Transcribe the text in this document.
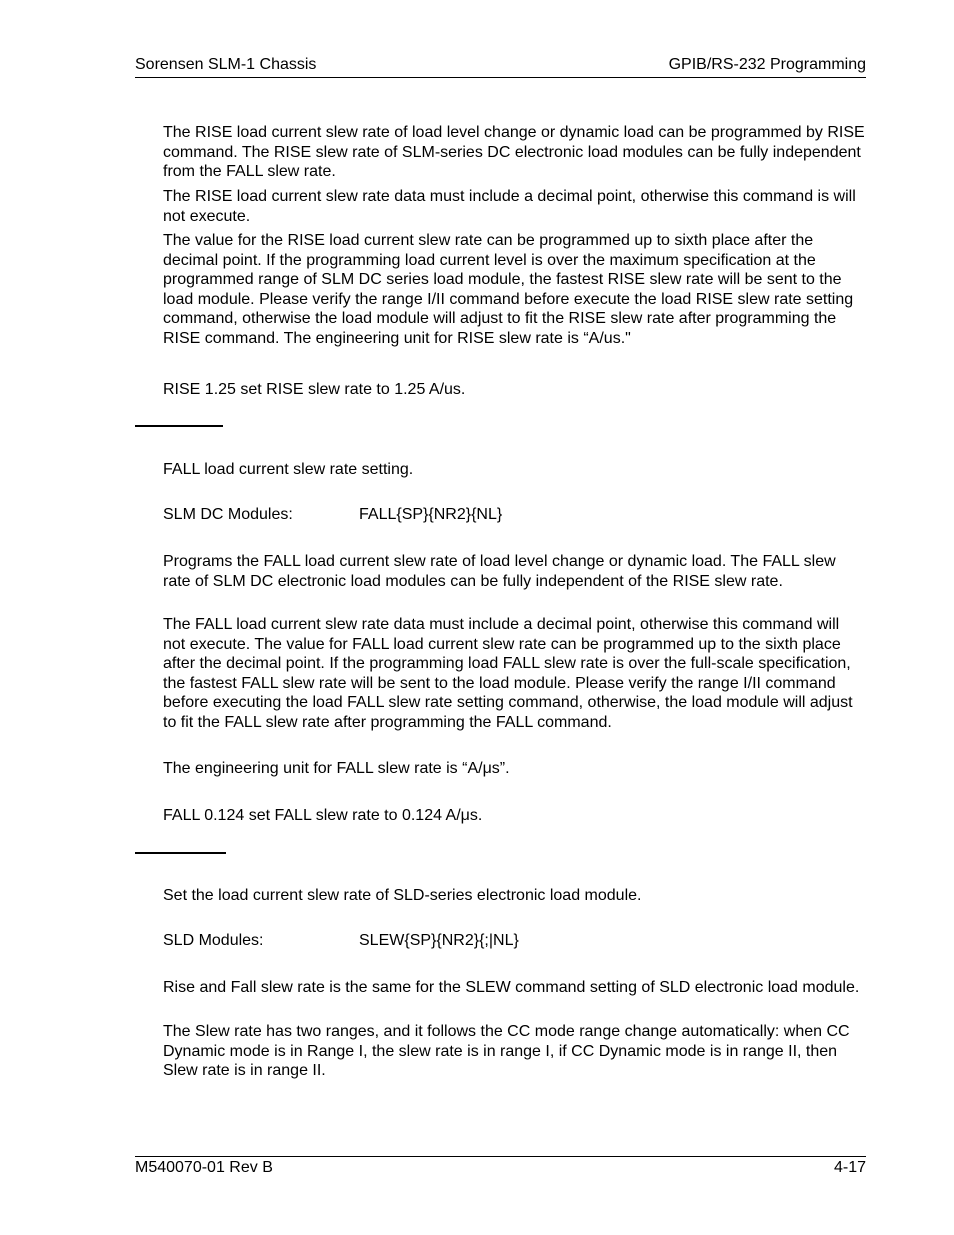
Sorensen SLM-1 Chassis	GPIB/RS-232 Programming

The RISE load current slew rate of load level change or dynamic load can be programmed by RISE command. The RISE slew rate of SLM-series DC electronic load modules can be fully independent from the FALL slew rate.

The RISE load current slew rate data must include a decimal point, otherwise this command is will not execute.

The value for the RISE load current slew rate can be programmed up to sixth place after the decimal point. If the programming load current level is over the maximum specification at the programmed range of SLM DC series load module, the fastest RISE slew rate will be sent to the load module. Please verify the range I/II command before execute the load RISE slew rate setting command, otherwise the load module will adjust to fit the RISE slew rate after programming the RISE command. The engineering unit for RISE slew rate is “A/us."

RISE 1.25 set RISE slew rate to 1.25 A/us.

FALL load current slew rate setting.

SLM DC Modules:	FALL{SP}{NR2}{NL}

Programs the FALL load current slew rate of load level change or dynamic load. The FALL slew rate of SLM DC electronic load modules can be fully independent of the RISE slew rate.

The FALL load current slew rate data must include a decimal point, otherwise this command will not execute. The value for FALL load current slew rate can be programmed up to the sixth place after the decimal point. If the programming load FALL slew rate is over the full-scale specification, the fastest FALL slew rate will be sent to the load module. Please verify the range I/II command before executing the load FALL slew rate setting command, otherwise, the load module will adjust to fit the FALL slew rate after programming the FALL command.

The engineering unit for FALL slew rate is “A/μs”.

FALL 0.124 set FALL slew rate to 0.124 A/μs.

Set the load current slew rate of SLD-series electronic load module.

SLD Modules:	SLEW{SP}{NR2}{;|NL}

Rise and Fall slew rate is the same for the SLEW command setting of SLD electronic load module.

The Slew rate has two ranges, and it follows the CC mode range change automatically: when CC Dynamic mode is in Range I, the slew rate is in range I, if CC Dynamic mode is in range II, then Slew rate is in range II.

M540070-01 Rev B	4-17
